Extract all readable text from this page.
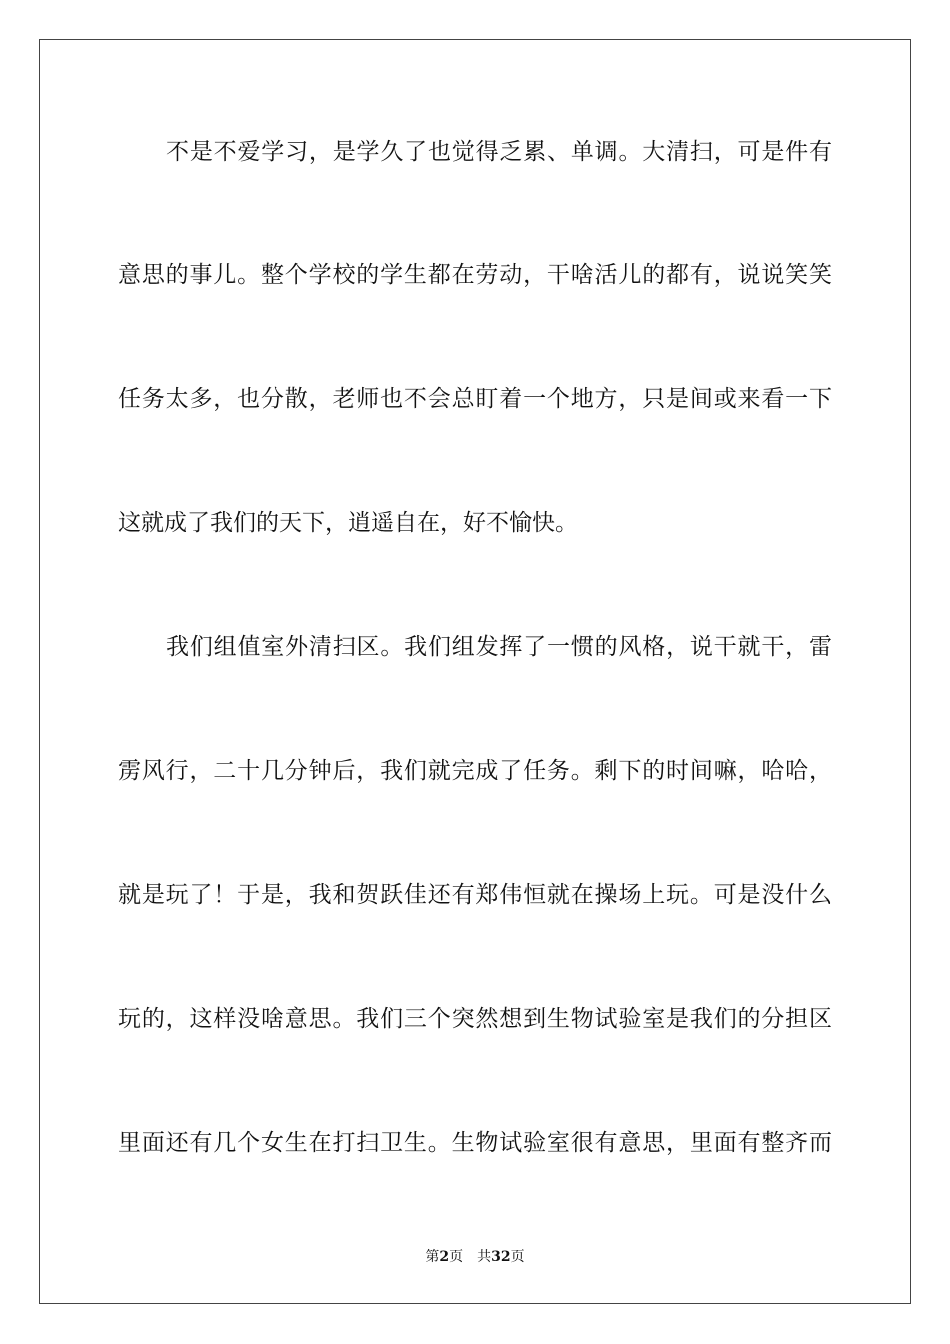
不是不爱学习，是学久了也觉得乏累、单调。大清扫，可是件有
意思的事儿。整个学校的学生都在劳动，干啥活儿的都有，说说笑笑
任务太多，也分散，老师也不会总盯着一个地方，只是间或来看一下
这就成了我们的天下，逍遥自在，好不愉快。
我们组值室外清扫区。我们组发挥了一惯的风格，说干就干，雷
雳风行，二十几分钟后，我们就完成了任务。剩下的时间嘛，哈哈，
就是玩了！于是，我和贺跃佳还有郑伟恒就在操场上玩。可是没什么
玩的，这样没啥意思。我们三个突然想到生物试验室是我们的分担区
里面还有几个女生在打扫卫生。生物试验室很有意思，里面有整齐而
第2页 共32页
